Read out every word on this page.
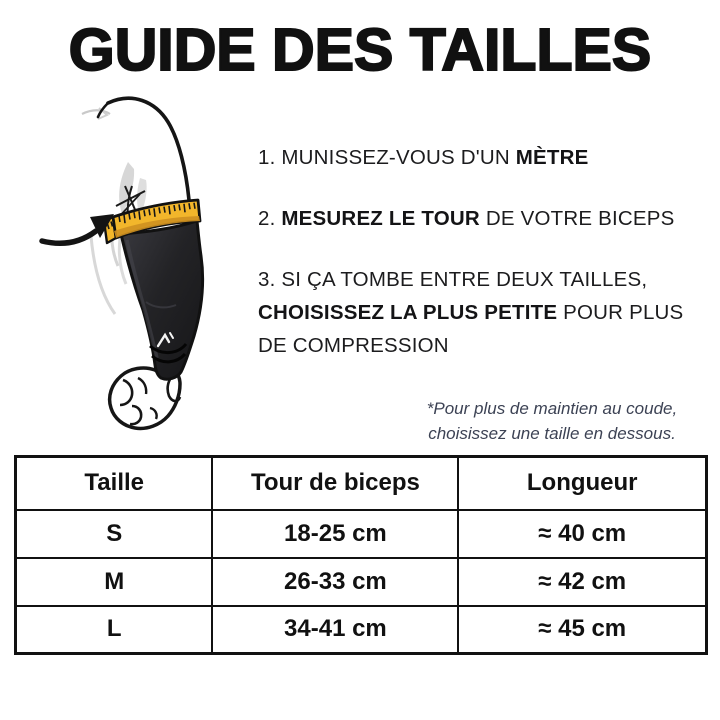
GUIDE DES TAILLES

1. MUNISSEZ-VOUS D'UN MÈTRE

2. MESUREZ LE TOUR DE VOTRE BICEPS

3. SI ÇA TOMBE ENTRE DEUX TAILLES, CHOISISSEZ LA PLUS PETITE POUR PLUS DE COMPRESSION

*Pour plus de maintien au coude,
choisissez une taille en dessous.
Taille	Tour de biceps	Longueur
S	18-25 cm	≈ 40 cm
M	26-33 cm	≈ 42 cm
L	34-41 cm	≈ 45 cm
